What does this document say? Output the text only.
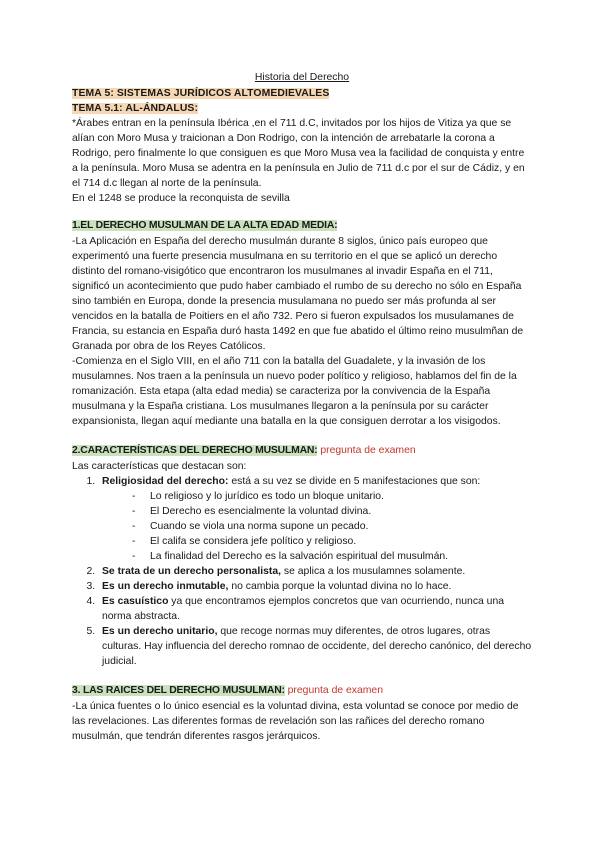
Historia del Derecho
TEMA 5: SISTEMAS JURÍDICOS ALTOMEDIEVALES
TEMA 5.1: AL-ÁNDALUS:

*Árabes entran en la península Ibérica ,en el 711 d.C, invitados por los hijos de Vitiza ya que se alían con Moro Musa y traicionan a Don Rodrigo, con la intención de arrebatarle la corona a Rodrigo, pero finalmente lo que consiguen es que Moro Musa vea la facilidad de conquista y entre a la península. Moro Musa se adentra en la península en Julio de 711 d.c por el sur de Cádiz, y en el 714 d.c llegan al norte de la península.

En el 1248 se produce la reconquista de sevilla

1.EL DERECHO MUSULMAN DE LA ALTA EDAD MEDIA:

-La Aplicación en España del derecho musulmán durante 8 siglos, único país europeo que experimentó una fuerte presencia musulmana en su territorio en el que se aplicó un derecho distinto del romano-visigótico que encontraron los musulmanes al invadir España en el 711, significó un acontecimiento que pudo haber cambiado el rumbo de su derecho no sólo en España sino también en Europa, donde la presencia musulamana no puedo ser más profunda al ser vencidos en la batalla de Poitiers en el año 732. Pero si fueron expulsados los musulamanes de Francia, su estancia en España duró hasta 1492 en que fue abatido el último reino musulmñan de Granada por obra de los Reyes Católicos.

-Comienza en el Siglo VIII, en el año 711 con la batalla del Guadalete, y la invasión de los musulamnes. Nos traen a la península un nuevo poder político y religioso, hablamos del fin de la romanización. Esta etapa (alta edad media) se caracteriza por la convivencia de la España musulmana y la España cristiana. Los musulmanes llegaron a la península por su carácter expansionista, llegan aquí mediante una batalla en la que consiguen derrotar a los visigodos.

2.CARACTERÍSTICAS DEL DERECHO MUSULMAN: pregunta de examen

Las características que destacan son:

1. Religiosidad del derecho: está a su vez se divide en 5 manifestaciones que son:
- Lo religioso y lo jurídico es todo un bloque unitario.
- El Derecho es esencialmente la voluntad divina.
- Cuando se viola una norma supone un pecado.
- El califa se considera jefe político y religioso.
- La finalidad del Derecho es la salvación espiritual del musulmán.
2. Se trata de un derecho personalista, se aplica a los musulamnes solamente.
3. Es un derecho inmutable, no cambia porque la voluntad divina no lo hace.
4. Es casuístico ya que encontramos ejemplos concretos que van ocurriendo, nunca una norma abstracta.
5. Es un derecho unitario, que recoge normas muy diferentes, de otros lugares, otras culturas. Hay influencia del derecho romnao de occidente, del derecho canónico, del derecho judicial.
3. LAS RAICES DEL DERECHO MUSULMAN: pregunta de examen

-La única fuentes o lo único esencial es la voluntad divina, esta voluntad se conoce por medio de las revelaciones. Las diferentes formas de revelación son las rañices del derecho romano musulmán, que tendrán diferentes rasgos jerárquicos.
